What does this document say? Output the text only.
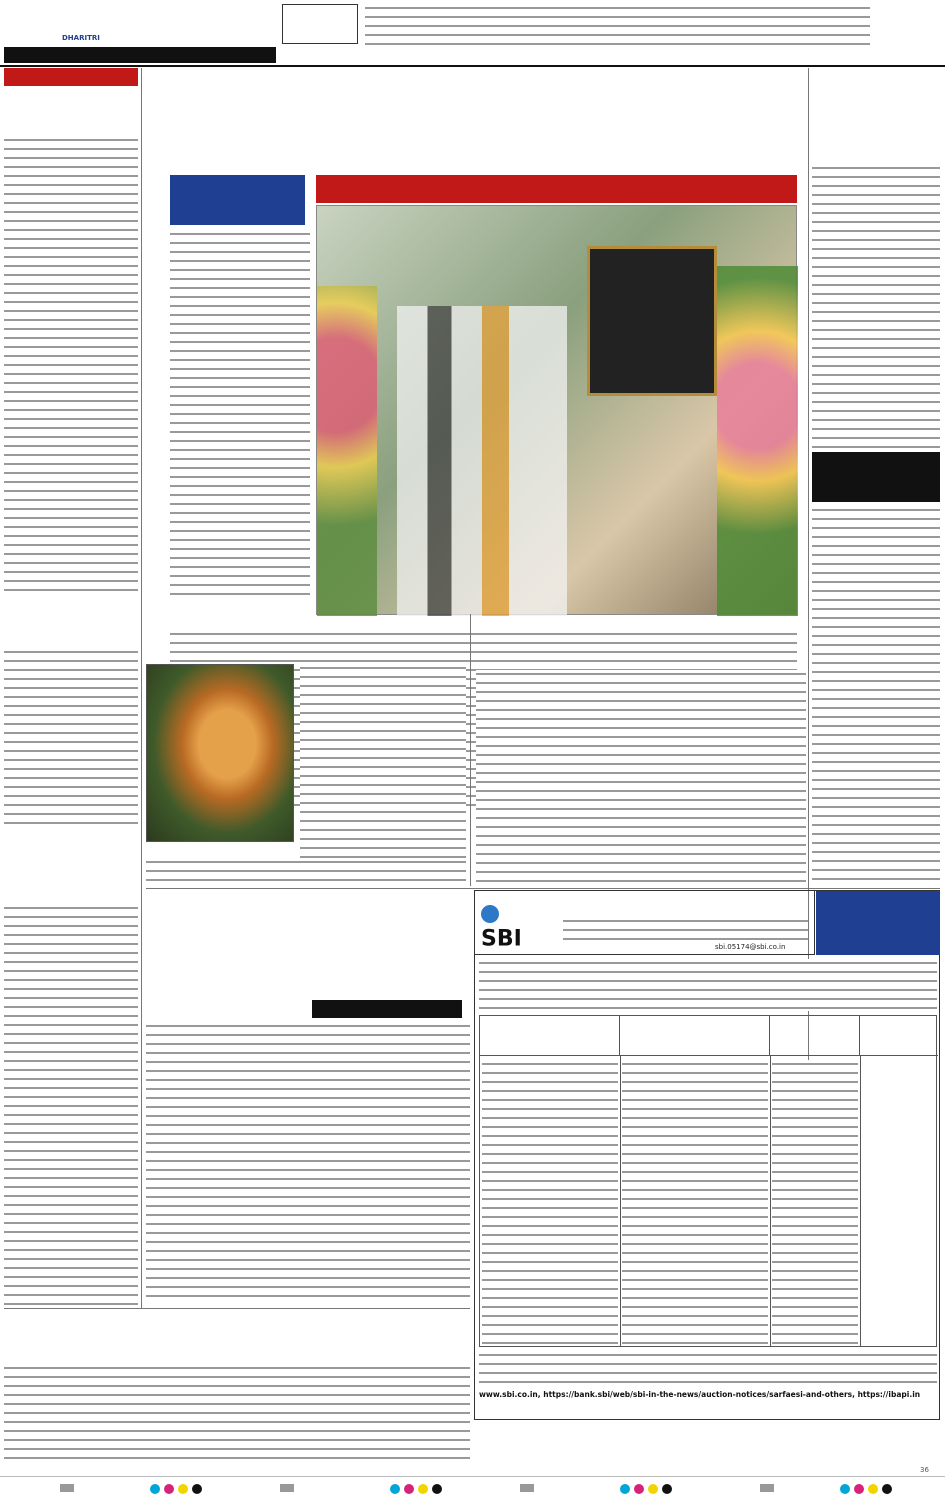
DHARITRI
SBI	sbi.05174@sbi.co.in
www.sbi.co.in, https://bank.sbi/web/sbi-in-the-news/auction-notices/sarfaesi-and-others, https://ibapi.in
36
